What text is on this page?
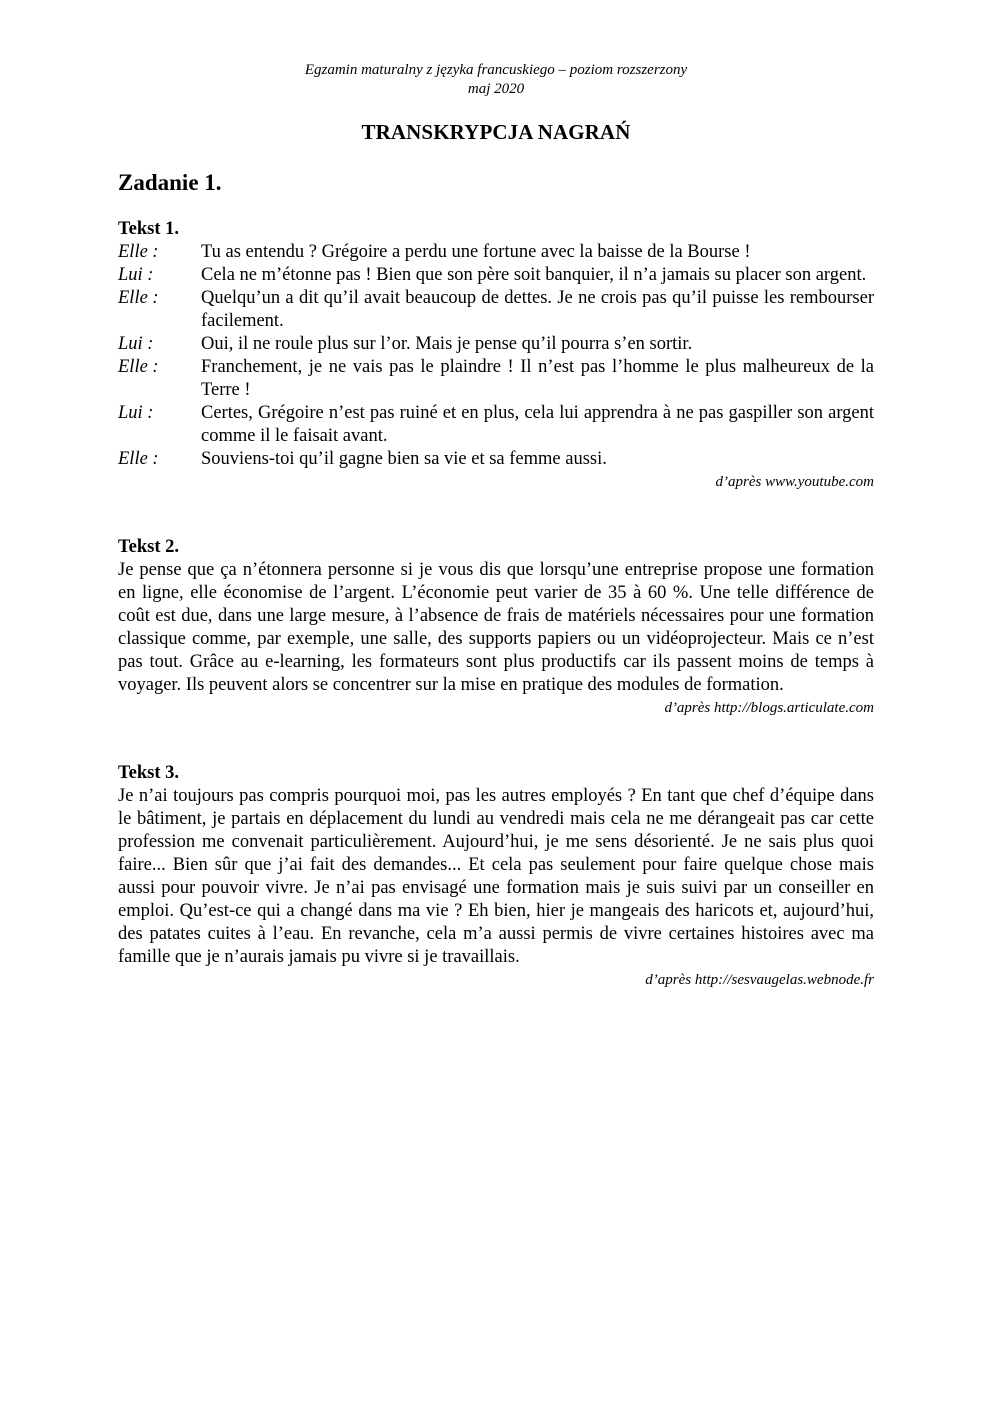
Egzamin maturalny z języka francuskiego – poziom rozszerzony
maj 2020
TRANSKRYPCJA NAGRAŃ
Zadanie 1.
Tekst 1.
Elle :	Tu as entendu ? Grégoire a perdu une fortune avec la baisse de la Bourse !
Lui :	Cela ne m’étonne pas ! Bien que son père soit banquier, il n’a jamais su placer son argent.
Elle :	Quelqu’un a dit qu’il avait beaucoup de dettes. Je ne crois pas qu’il puisse les rembourser facilement.
Lui :	Oui, il ne roule plus sur l’or. Mais je pense qu’il pourra s’en sortir.
Elle :	Franchement, je ne vais pas le plaindre ! Il n’est pas l’homme le plus malheureux de la Terre !
Lui :	Certes, Grégoire n’est pas ruiné et en plus, cela lui apprendra à ne pas gaspiller son argent comme il le faisait avant.
Elle :	Souviens-toi qu’il gagne bien sa vie et sa femme aussi.
d’après www.youtube.com
Tekst 2.
Je pense que ça n’étonnera personne si je vous dis que lorsqu’une entreprise propose une formation en ligne, elle économise de l’argent. L’économie peut varier de 35 à 60 %. Une telle différence de coût est due, dans une large mesure, à l’absence de frais de matériels nécessaires pour une formation classique comme, par exemple, une salle, des supports papiers ou un vidéoprojecteur. Mais ce n’est pas tout. Grâce au e-learning, les formateurs sont plus productifs car ils passent moins de temps à voyager. Ils peuvent alors se concentrer sur la mise en pratique des modules de formation.
d’après http://blogs.articulate.com
Tekst 3.
Je n’ai toujours pas compris pourquoi moi, pas les autres employés ? En tant que chef d’équipe dans le bâtiment, je partais en déplacement du lundi au vendredi mais cela ne me dérangeait pas car cette profession me convenait particulièrement. Aujourd’hui, je me sens désorienté. Je ne sais plus quoi faire... Bien sûr que j’ai fait des demandes... Et cela pas seulement pour faire quelque chose mais aussi pour pouvoir vivre. Je n’ai pas envisagé une formation mais je suis suivi par un conseiller en emploi. Qu’est-ce qui a changé dans ma vie ? Eh bien, hier je mangeais des haricots et, aujourd’hui, des patates cuites à l’eau. En revanche, cela m’a aussi permis de vivre certaines histoires avec ma famille que je n’aurais jamais pu vivre si je travaillais.
d’après http://sesvaugelas.webnode.fr
